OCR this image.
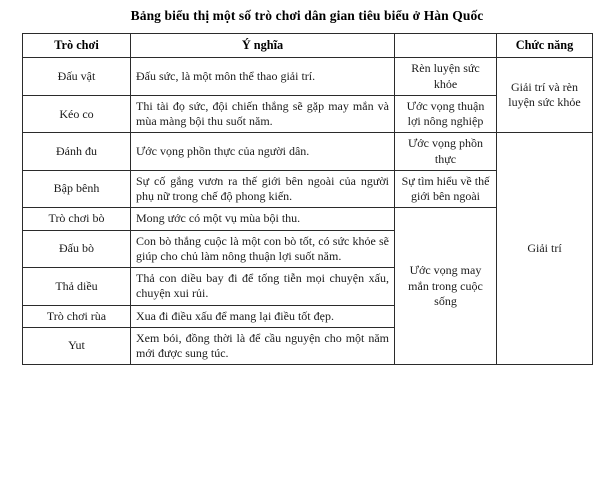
Bảng biểu thị một số trò chơi dân gian tiêu biểu ở Hàn Quốc
Trò chơi	Ý nghĩa		Chức năng
Đấu vật	Đấu sức, là một môn thể thao giải trí.	Rèn luyện sức khỏe	Giải trí và rèn luyện sức khỏe
Kéo co	Thi tài đọ sức, đội chiến thắng sẽ gặp may mắn và mùa màng bội thu suốt năm.	Ước vọng thuận lợi nông nghiệp	
Đánh đu	Ước vọng phồn thực của người dân.	Ước vọng phồn thực	Giải trí
Bập bênh	Sự cố gắng vươn ra thế giới bên ngoài của người phụ nữ trong chế độ phong kiến.	Sự tìm hiểu về thế giới bên ngoài	
Trò chơi bò	Mong ước có một vụ mùa bội thu.	Ước vọng may mắn trong cuộc sống	
Đấu bò	Con bò thắng cuộc là một con bò tốt, có sức khỏe sẽ giúp cho chủ làm nông thuận lợi suốt năm.		
Thả diều	Thả con diều bay đi để tống tiễn mọi chuyện xấu, chuyện xui rủi.		
Trò chơi rùa	Xua đi điều xấu để mang lại điều tốt đẹp.		
Yut	Xem bói, đồng thời là để cầu nguyện cho một năm mới được sung túc.		
